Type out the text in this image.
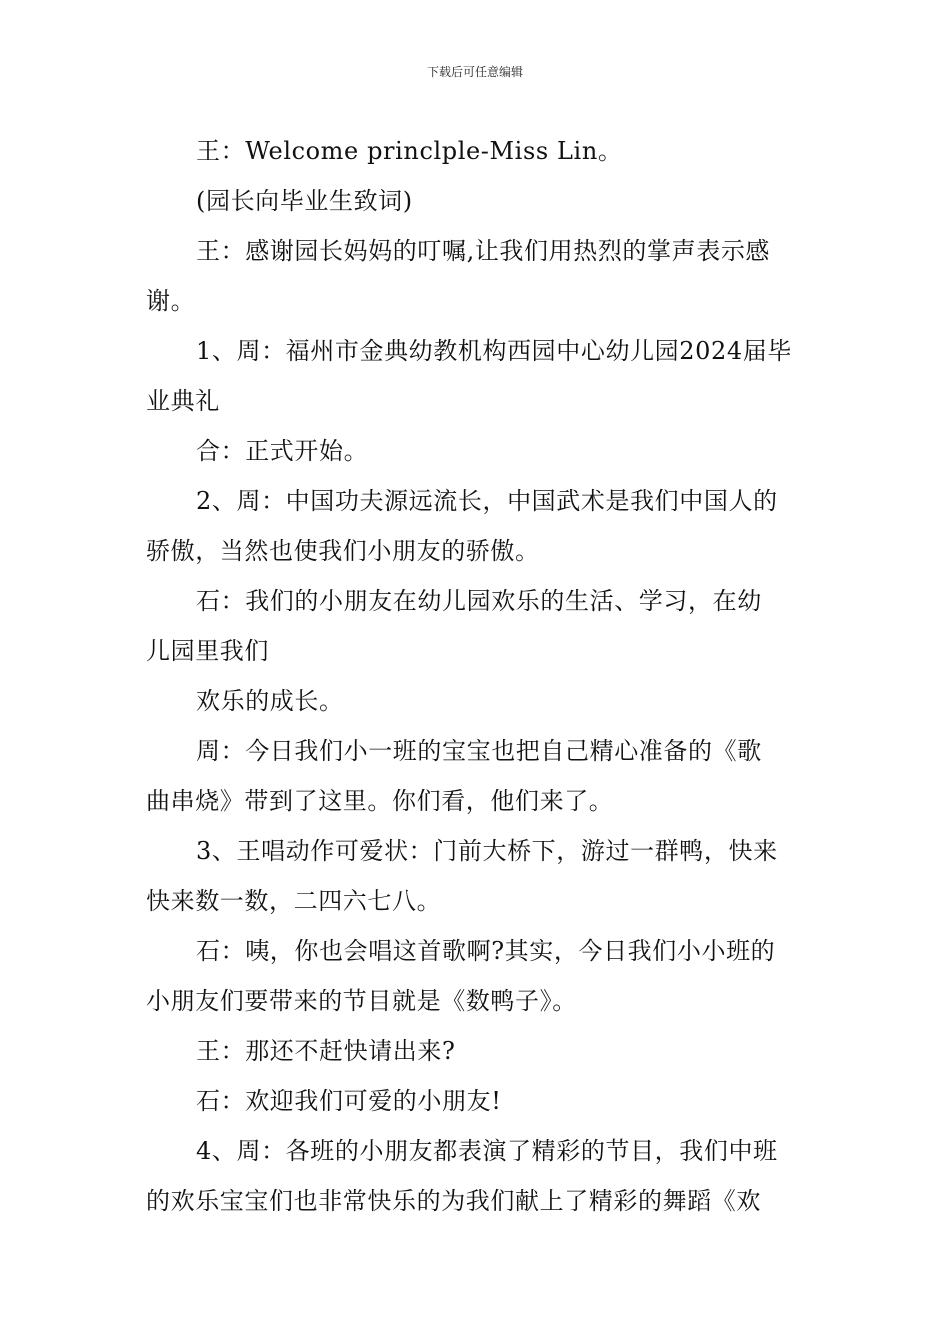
下载后可任意编辑
王：Welcome princlple-Miss Lin。
(园长向毕业生致词)
王：感谢园长妈妈的叮嘱,让我们用热烈的掌声表示感
谢。
1、周：福州市金典幼教机构西园中心幼儿园2024届毕
业典礼
合：正式开始。
2、周：中国功夫源远流长，中国武术是我们中国人的
骄傲，当然也使我们小朋友的骄傲。
石：我们的小朋友在幼儿园欢乐的生活、学习，在幼
儿园里我们
欢乐的成长。
周：今日我们小一班的宝宝也把自己精心准备的《歌
曲串烧》带到了这里。你们看，他们来了。
3、王唱动作可爱状：门前大桥下，游过一群鸭，快来
快来数一数，二四六七八。
石：咦，你也会唱这首歌啊?其实，今日我们小小班的
小朋友们要带来的节目就是《数鸭子》。
王：那还不赶快请出来?
石：欢迎我们可爱的小朋友!
4、周：各班的小朋友都表演了精彩的节目，我们中班
的欢乐宝宝们也非常快乐的为我们献上了精彩的舞蹈《欢
